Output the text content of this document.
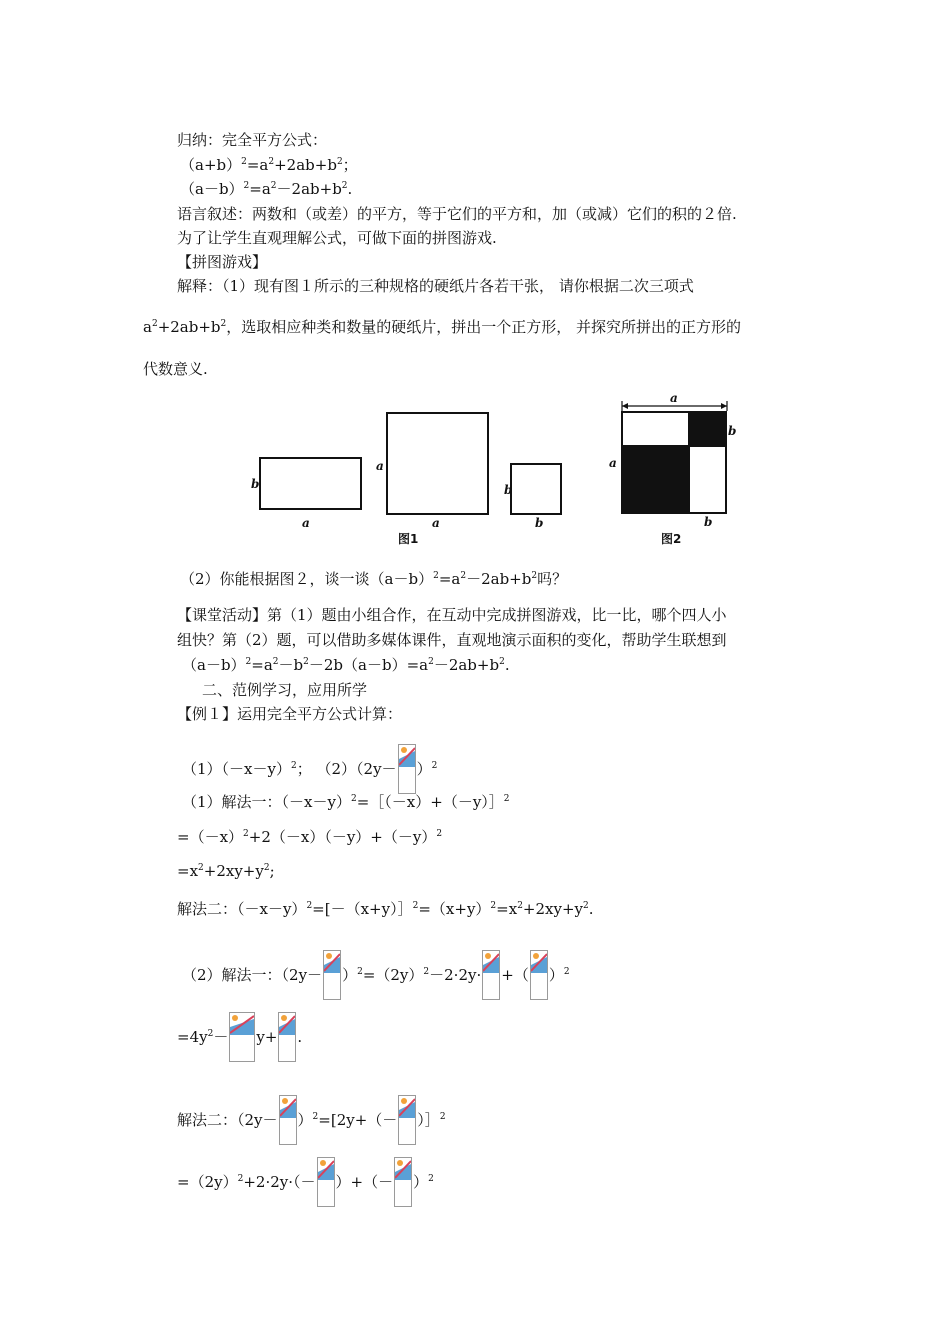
归纳：完全平方公式：
$(a+b)^2=a^2+2ab+b^2$；
$(a-b)^2=a^2-2ab+b^2$.
语言叙述：两数和（或差）的平方，等于它们的平方和，加（或减）它们的积的２倍.
为了让学生直观理解公式，可做下面的拼图游戏.
【拼图游戏】
解释：（1）现有图１所示的三种规格的硬纸片各若干张， 请你根据二次三项式
$a^2+2ab+b^2$，选取相应种类和数量的硬纸片，拼出一个正方形， 并探究所拼出的正方形的
代数意义.
b
a
a
a
b
b
图1
a
b
a
b
图2
（2）你能根据图２，谈一谈$(a-b)^2=a^2-2ab+b^2$吗？
【课堂活动】第（1）题由小组合作，在互动中完成拼图游戏，比一比，哪个四人小
组快？第（2）题，可以借助多媒体课件，直观地演示面积的变化，帮助学生联想到
$(a-b)^2=a^2-b^2-2b(a-b)=a^2-2ab+b^2$.
二、范例学习，应用所学
【例１】运用完全平方公式计算：
$(1)(-x-y)^2$； $(2)(2y- )^2$
（1）解法一：$(-x-y)^2=[(-x)+(-y)]^2$
$=(-x)^2+2(-x)(-y)+(-y)^2$
$=x^2+2xy+y^2$;
解法二：$(-x-y)^2=[-(x+y)]^2=(x+y)^2=x^2+2xy+y^2$.
（2）解法一：$(2y- )^2=(2y)^2-2\cdot 2y\cdot$ +（ ）$^2$
$=4y^2- y+$ .
解法二：$(2y- )^2=[2y+(-$ ）］$^2$
$=(2y)^2+2\cdot 2y\cdot(-$ ）+（－ ）$^2$
